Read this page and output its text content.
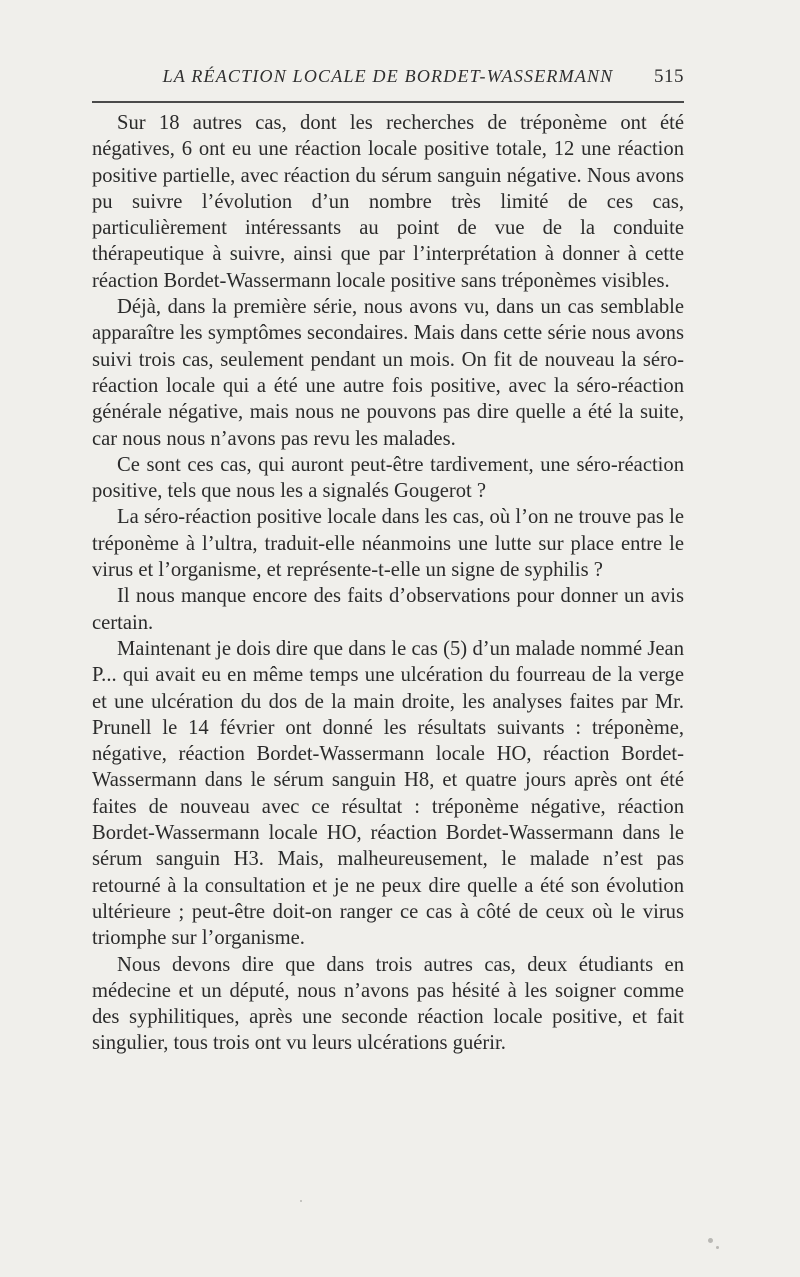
LA RÉACTION LOCALE DE BORDET-WASSERMANN	515

Sur 18 autres cas, dont les recherches de tréponème ont été négatives, 6 ont eu une réaction locale positive totale, 12 une réaction positive partielle, avec réaction du sérum sanguin négative. Nous avons pu suivre l’évolution d’un nombre très limité de ces cas, particulièrement intéressants au point de vue de la conduite thérapeutique à suivre, ainsi que par l’interprétation à donner à cette réaction Bordet-Wassermann locale positive sans tréponèmes visibles.

Déjà, dans la première série, nous avons vu, dans un cas semblable apparaître les symptômes secondaires. Mais dans cette série nous avons suivi trois cas, seulement pendant un mois. On fit de nouveau la séro-réaction locale qui a été une autre fois positive, avec la séro-réaction générale négative, mais nous ne pouvons pas dire quelle a été la suite, car nous nous n’avons pas revu les malades.

Ce sont ces cas, qui auront peut-être tardivement, une séro-réaction positive, tels que nous les a signalés Gougerot ?

La séro-réaction positive locale dans les cas, où l’on ne trouve pas le tréponème à l’ultra, traduit-elle néanmoins une lutte sur place entre le virus et l’organisme, et représente-t-elle un signe de syphilis ?

Il nous manque encore des faits d’observations pour donner un avis certain.

Maintenant je dois dire que dans le cas (5) d’un malade nommé Jean P... qui avait eu en même temps une ulcération du fourreau de la verge et une ulcération du dos de la main droite, les analyses faites par Mr. Prunell le 14 février ont donné les résultats suivants : tréponème, négative, réaction Bordet-Wassermann locale HO, réaction Bordet-Wassermann dans le sérum sanguin H8, et quatre jours après ont été faites de nouveau avec ce résultat : tréponème négative, réaction Bordet-Wassermann locale HO, réaction Bordet-Wassermann dans le sérum sanguin H3. Mais, malheureusement, le malade n’est pas retourné à la consultation et je ne peux dire quelle a été son évolution ultérieure ; peut-être doit-on ranger ce cas à côté de ceux où le virus triomphe sur l’organisme.

Nous devons dire que dans trois autres cas, deux étudiants en médecine et un député, nous n’avons pas hésité à les soigner comme des syphilitiques, après une seconde réaction locale positive, et fait singulier, tous trois ont vu leurs ulcérations guérir.
